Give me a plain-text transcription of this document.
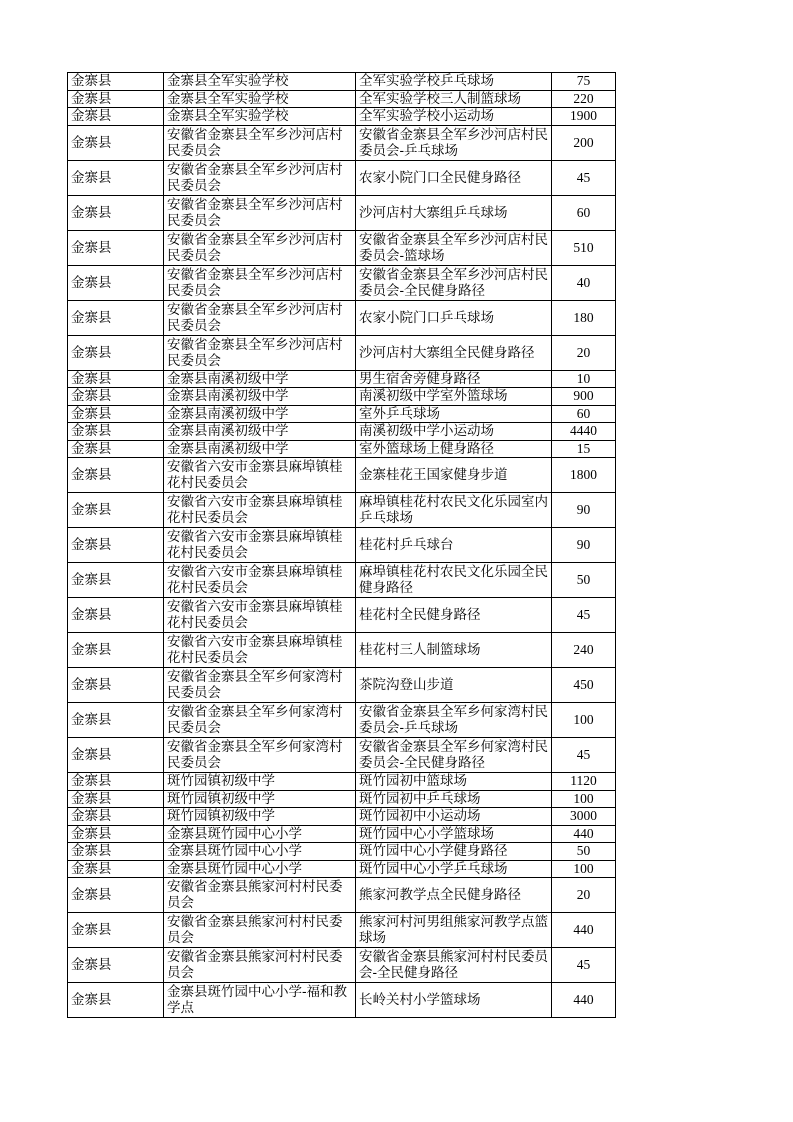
金寨县	金寨县全军实验学校	全军实验学校乒乓球场	75
金寨县	金寨县全军实验学校	全军实验学校三人制篮球场	220
金寨县	金寨县全军实验学校	全军实验学校小运动场	1900
金寨县	安徽省金寨县全军乡沙河店村民委员会	安徽省金寨县全军乡沙河店村民委员会-乒乓球场	200
金寨县	安徽省金寨县全军乡沙河店村民委员会	农家小院门口全民健身路径	45
金寨县	安徽省金寨县全军乡沙河店村民委员会	沙河店村大寨组乒乓球场	60
金寨县	安徽省金寨县全军乡沙河店村民委员会	安徽省金寨县全军乡沙河店村民委员会-篮球场	510
金寨县	安徽省金寨县全军乡沙河店村民委员会	安徽省金寨县全军乡沙河店村民委员会-全民健身路径	40
金寨县	安徽省金寨县全军乡沙河店村民委员会	农家小院门口乒乓球场	180
金寨县	安徽省金寨县全军乡沙河店村民委员会	沙河店村大寨组全民健身路径	20
金寨县	金寨县南溪初级中学	男生宿舍旁健身路径	10
金寨县	金寨县南溪初级中学	南溪初级中学室外篮球场	900
金寨县	金寨县南溪初级中学	室外乒乓球场	60
金寨县	金寨县南溪初级中学	南溪初级中学小运动场	4440
金寨县	金寨县南溪初级中学	室外篮球场上健身路径	15
金寨县	安徽省六安市金寨县麻埠镇桂花村民委员会	金寨桂花王国家健身步道	1800
金寨县	安徽省六安市金寨县麻埠镇桂花村民委员会	麻埠镇桂花村农民文化乐园室内乒乓球场	90
金寨县	安徽省六安市金寨县麻埠镇桂花村民委员会	桂花村乒乓球台	90
金寨县	安徽省六安市金寨县麻埠镇桂花村民委员会	麻埠镇桂花村农民文化乐园全民健身路径	50
金寨县	安徽省六安市金寨县麻埠镇桂花村民委员会	桂花村全民健身路径	45
金寨县	安徽省六安市金寨县麻埠镇桂花村民委员会	桂花村三人制篮球场	240
金寨县	安徽省金寨县全军乡何家湾村民委员会	茶院沟登山步道	450
金寨县	安徽省金寨县全军乡何家湾村民委员会	安徽省金寨县全军乡何家湾村民委员会-乒乓球场	100
金寨县	安徽省金寨县全军乡何家湾村民委员会	安徽省金寨县全军乡何家湾村民委员会-全民健身路径	45
金寨县	斑竹园镇初级中学	斑竹园初中篮球场	1120
金寨县	斑竹园镇初级中学	斑竹园初中乒乓球场	100
金寨县	斑竹园镇初级中学	斑竹园初中小运动场	3000
金寨县	金寨县斑竹园中心小学	斑竹园中心小学篮球场	440
金寨县	金寨县斑竹园中心小学	斑竹园中心小学健身路径	50
金寨县	金寨县斑竹园中心小学	斑竹园中心小学乒乓球场	100
金寨县	安徽省金寨县熊家河村村民委员会	熊家河教学点全民健身路径	20
金寨县	安徽省金寨县熊家河村村民委员会	熊家河村河男组熊家河教学点篮球场	440
金寨县	安徽省金寨县熊家河村村民委员会	安徽省金寨县熊家河村村民委员会-全民健身路径	45
金寨县	金寨县斑竹园中心小学-福和教学点	长岭关村小学篮球场	440
